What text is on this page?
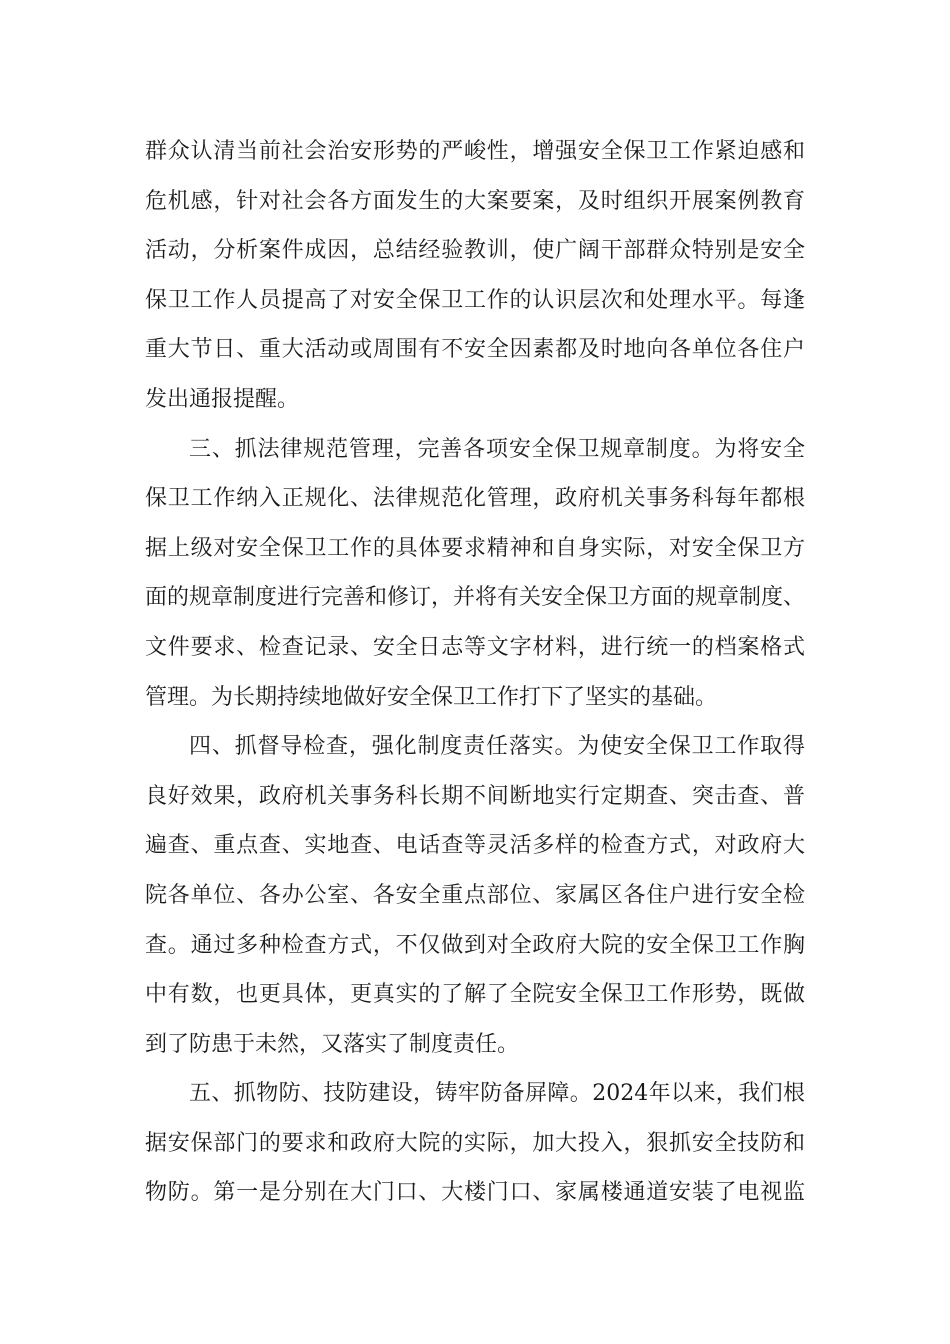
群众认清当前社会治安形势的严峻性，增强安全保卫工作紧迫感和
危机感，针对社会各方面发生的大案要案，及时组织开展案例教育
活动，分析案件成因，总结经验教训，使广阔干部群众特别是安全
保卫工作人员提高了对安全保卫工作的认识层次和处理水平。每逢
重大节日、重大活动或周围有不安全因素都及时地向各单位各住户
发出通报提醒。
三、抓法律规范管理，完善各项安全保卫规章制度。为将安全
保卫工作纳入正规化、法律规范化管理，政府机关事务科每年都根
据上级对安全保卫工作的具体要求精神和自身实际，对安全保卫方
面的规章制度进行完善和修订，并将有关安全保卫方面的规章制度、
文件要求、检查记录、安全日志等文字材料，进行统一的档案格式
管理。为长期持续地做好安全保卫工作打下了坚实的基础。
四、抓督导检查，强化制度责任落实。为使安全保卫工作取得
良好效果，政府机关事务科长期不间断地实行定期查、突击查、普
遍查、重点查、实地查、电话查等灵活多样的检查方式，对政府大
院各单位、各办公室、各安全重点部位、家属区各住户进行安全检
查。通过多种检查方式，不仅做到对全政府大院的安全保卫工作胸
中有数，也更具体，更真实的了解了全院安全保卫工作形势，既做
到了防患于未然，又落实了制度责任。
五、抓物防、技防建设，铸牢防备屏障。2024年以来，我们根
据安保部门的要求和政府大院的实际，加大投入，狠抓安全技防和
物防。第一是分别在大门口、大楼门口、家属楼通道安装了电视监
